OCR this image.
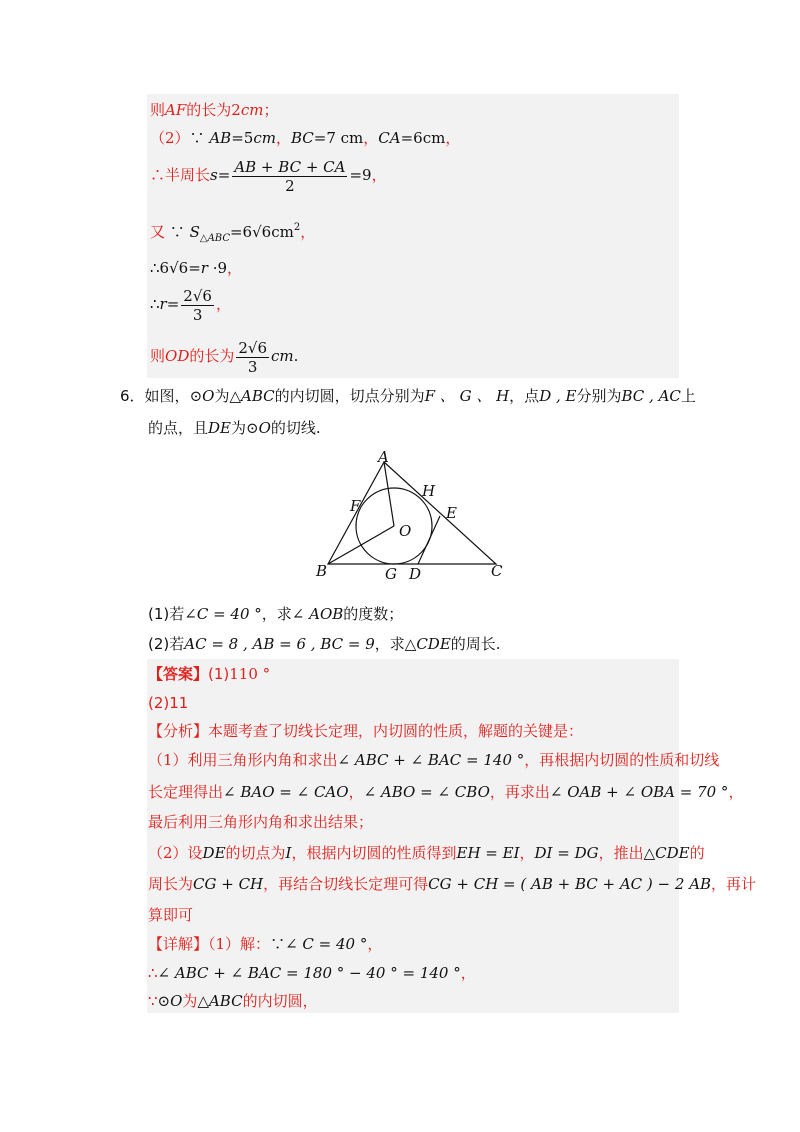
则AF的长为2cm；
（2）∵ AB=5cm，BC=7 cm，CA=6cm，
∴半周长$s= \frac{AB + BC + CA}{2} =9$，
又 ∵ $S_{\triangle ABC}=6√6cm^2$，
∴6√6=r ·9，
∴r= $\frac{2√6}{3}$ ，
则OD的长为 $\frac{2√6}{3}$ cm.
6．如图，⊙O为△ABC的内切圆，切点分别为F 、 G 、 H，点D , E分别为BC , AC上
的点，且DE为⊙O的切线.
A
H
F	E
O
B	G D	C
(1)若∠C = 40 °，求∠ AOB的度数；
(2)若AC = 8 , AB = 6 , BC = 9，求△CDE的周长.
【答案】(1)110 °
(2)11
【分析】本题考查了切线长定理，内切圆的性质，解题的关键是：
（1）利用三角形内角和求出∠ ABC + ∠ BAC = 140 °，再根据内切圆的性质和切线
长定理得出∠ BAO = ∠ CAO，∠ ABO = ∠ CBO，再求出∠ OAB + ∠ OBA = 70 °，
最后利用三角形内角和求出结果；
（2）设DE的切点为I，根据内切圆的性质得到EH = EI，DI = DG，推出△CDE的
周长为CG + CH，再结合切线长定理可得CG + CH = ( AB + BC + AC ) − 2 AB，再计
算即可
【详解】（1）解：∵∠ C = 40 °，
∴∠ ABC + ∠ BAC = 180 ° − 40 ° = 140 °，
∵⊙O为△ABC的内切圆，
